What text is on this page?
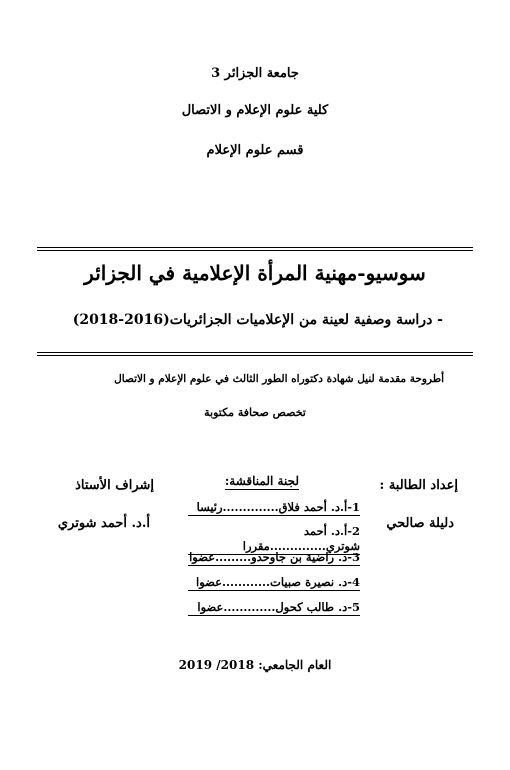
جامعة الجزائر 3
كلية علوم الإعلام و الاتصال
قسم علوم الإعلام
سوسيو-مهنية المرأة الإعلامية في الجزائر
- دراسة وصفية لعينة من الإعلاميات الجزائريات(2016-2018)
أطروحة مقدمة لنيل شهادة دكتوراه الطور الثالث في علوم الإعلام و الاتصال
تخصص صحافة مكتوبة
إعداد الطالبة :
دليلة صالحي
لجنة المناقشة:
1-أ.د. أحمد فلاق..............رئيسا
2-أ.د. أحمد شوتري..............مقررا
3-د. راضية بن جاوحدو.........عضوا
4-د. نصيرة صبيات............عضوا
5-د. طالب كحول.............عضوا
إشراف الأستاذ
أ.د. أحمد شوتري
العام الجامعي: 2018/ 2019
